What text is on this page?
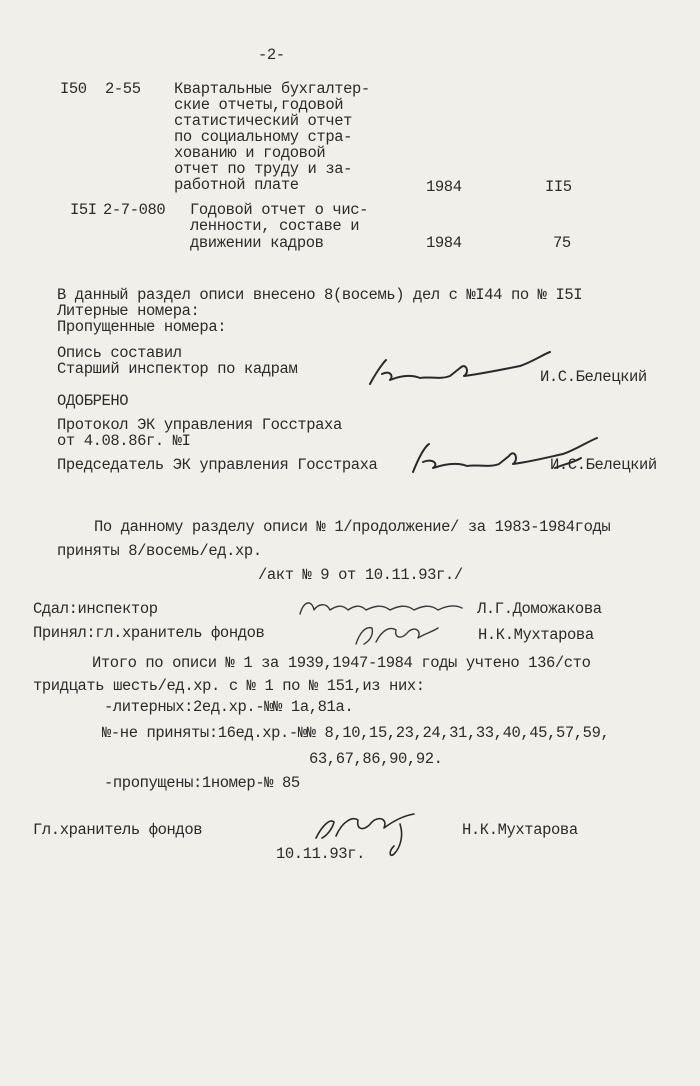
-2-
I50 2-55 Квартальные бухгалтер-
ские отчеты,годовой
статистический отчет
по социальному стра-
хованию и годовой
отчет по труду и за-
работной плате	1984	II5
I5I 2-7-080 Годовой отчет о чис-
ленности, составе и
движении кадров	1984	75
В данный раздел описи внесено 8(восемь) дел с №I44 по № I5I
Литерные номера:
Пропущенные номера:
Опись составил
Старший инспектор по кадрам	И.С.Белецкий
ОДОБРЕНО
Протокол ЭК управления Госстраха
от 4.08.86г. №I
Председатель ЭК управления Госстраха	И.С.Белецкий
По данному разделу описи № 1/продолжение/ за 1983-1984годы
приняты 8/восемь/ед.хр.
/акт № 9 от 10.11.93г./
Сдал:инспектор	Л.Г.Доможакова
Принял:гл.хранитель фондов	Н.К.Мухтарова
Итого по описи № 1 за 1939,1947-1984 годы учтено 136/сто
тридцать шесть/ед.хр. с № 1 по № 151,из них:
-литерных:2ед.хр.-№№ 1а,81а.
№-не приняты:16ед.хр.-№№ 8,10,15,23,24,31,33,40,45,57,59,
63,67,86,90,92.
-пропущены:1номер-№ 85
Гл.хранитель фондов	Н.К.Мухтарова
10.11.93г.
